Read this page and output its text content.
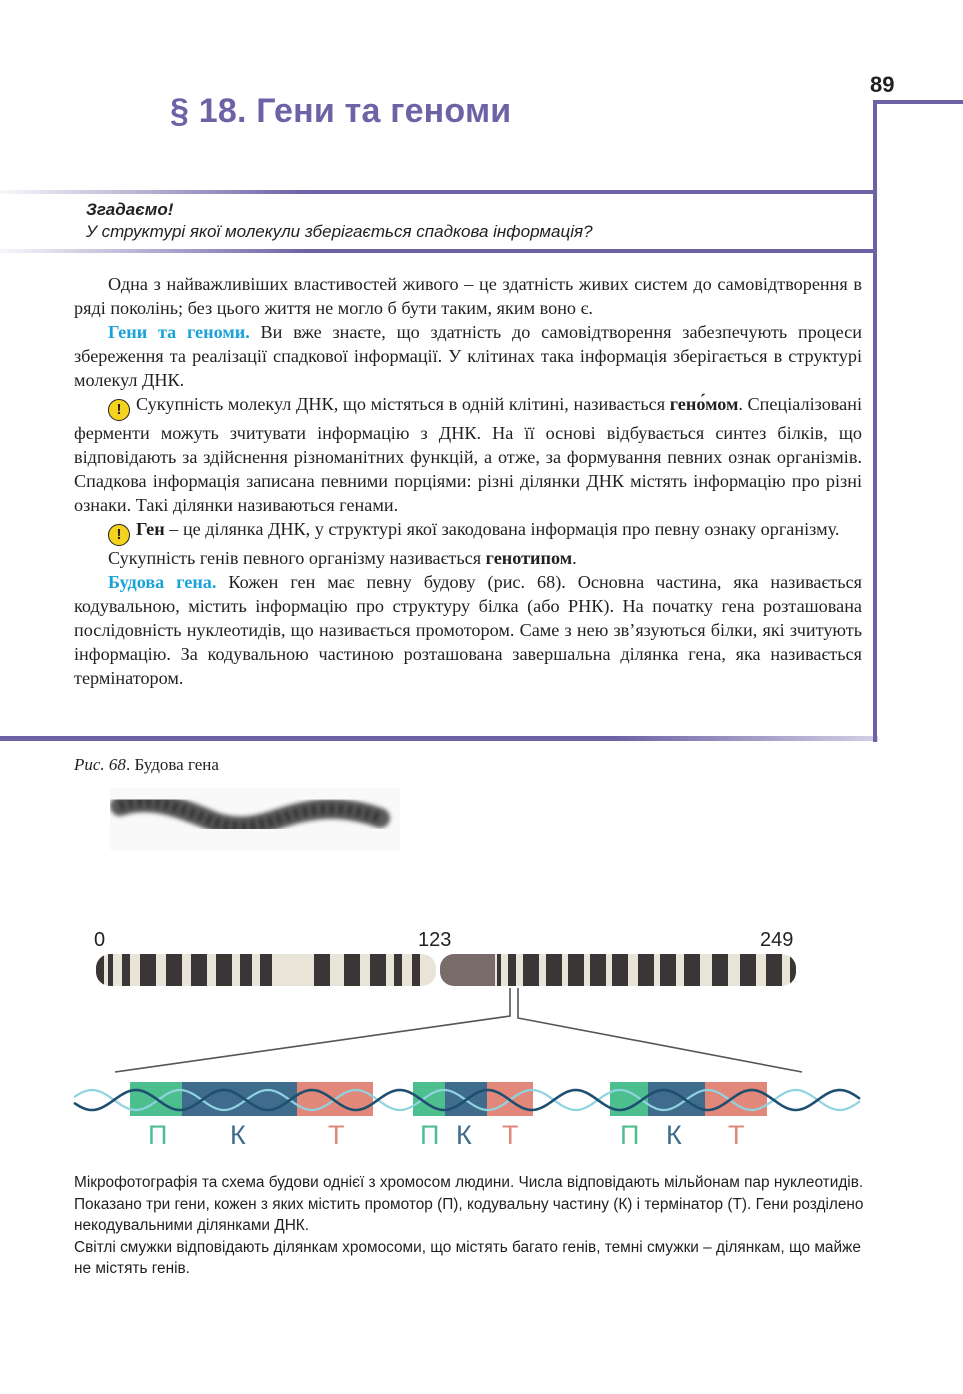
89
§ 18. Гени та геноми
Згадаємо!
У структурі якої молекули зберігається спадкова інформація?

Одна з найважливіших властивостей живого – це здатність живих систем до самовідтворення в ряді поколінь; без цього життя не могло б бути таким, яким воно є.

Гени та геноми. Ви вже знаєте, що здатність до самовідтворення забезпечують процеси збереження та реалізації спадкової інформації. У клітинах така інформація зберігається в структурі молекул ДНК.

! Сукупність молекул ДНК, що містяться в одній клітині, називається гено́мом. Спеціалізовані ферменти можуть зчитувати інформацію з ДНК. На її основі відбувається синтез білків, що відповідають за здійснення різноманітних функцій, а отже, за формування певних ознак організмів. Спадкова інформація записана певними порціями: різні ділянки ДНК містять інформацію про різні ознаки. Такі ділянки називаються генами.

! Ген – це ділянка ДНК, у структурі якої закодована інформація про певну ознаку організму.

Сукупність генів певного організму називається генотипом.

Будова гена. Кожен ген має певну будову (рис. 68). Основна частина, яка називається кодувальною, містить інформацію про структуру білка (або РНК). На початку гена розташована послідовність нуклеотидів, що називається промотором. Саме з нею зв’язуються білки, які зчитують інформацію. За кодувальною частиною розташована завершальна ділянка гена, яка називається термінатором.

Рис. 68. Будова гена
0	123	249
П К	Т	П К Т	П К Т

Мікрофотографія та схема будови однієї з хромосом людини. Числа відповідають мільйонам пар нуклеотидів. Показано три гени, кожен з яких містить промотор (П), кодувальну частину (К) і термінатор (Т). Гени розділено некодувальними ділянками ДНК.

Світлі смужки відповідають ділянкам хромосоми, що містять багато генів, темні смужки – ділянкам, що майже не містять генів.
